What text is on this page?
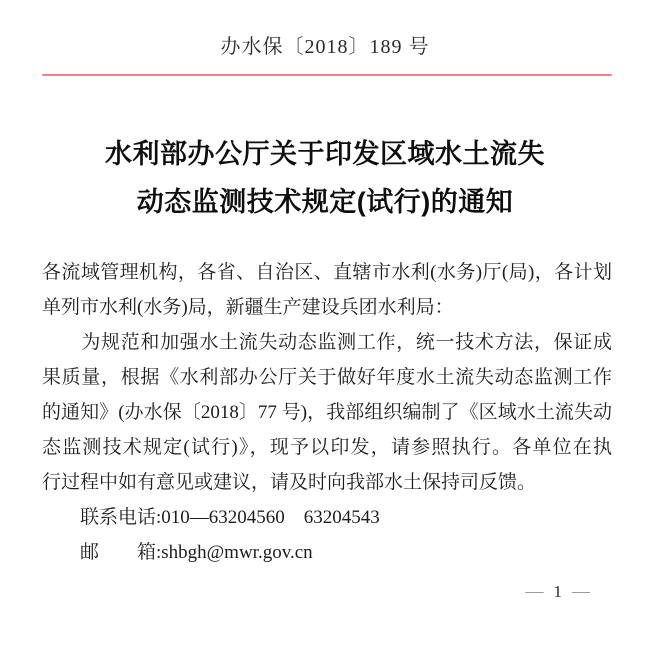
办水保〔2018〕189 号
水利部办公厅关于印发区域水土流失
动态监测技术规定(试行)的通知
各流域管理机构，各省、自治区、直辖市水利(水务)厅(局)，各计划
单列市水利(水务)局，新疆生产建设兵团水利局：
　　为规范和加强水土流失动态监测工作，统一技术方法，保证成
果质量，根据《水利部办公厅关于做好年度水土流失动态监测工作
的通知》(办水保〔2018〕77 号)，我部组织编制了《区域水土流失动
态监测技术规定(试行)》，现予以印发，请参照执行。各单位在执
行过程中如有意见或建议，请及时向我部水土保持司反馈。
联系电话:010—63204560　63204543
邮　　箱:shbgh@mwr.gov.cn
— 1 —
